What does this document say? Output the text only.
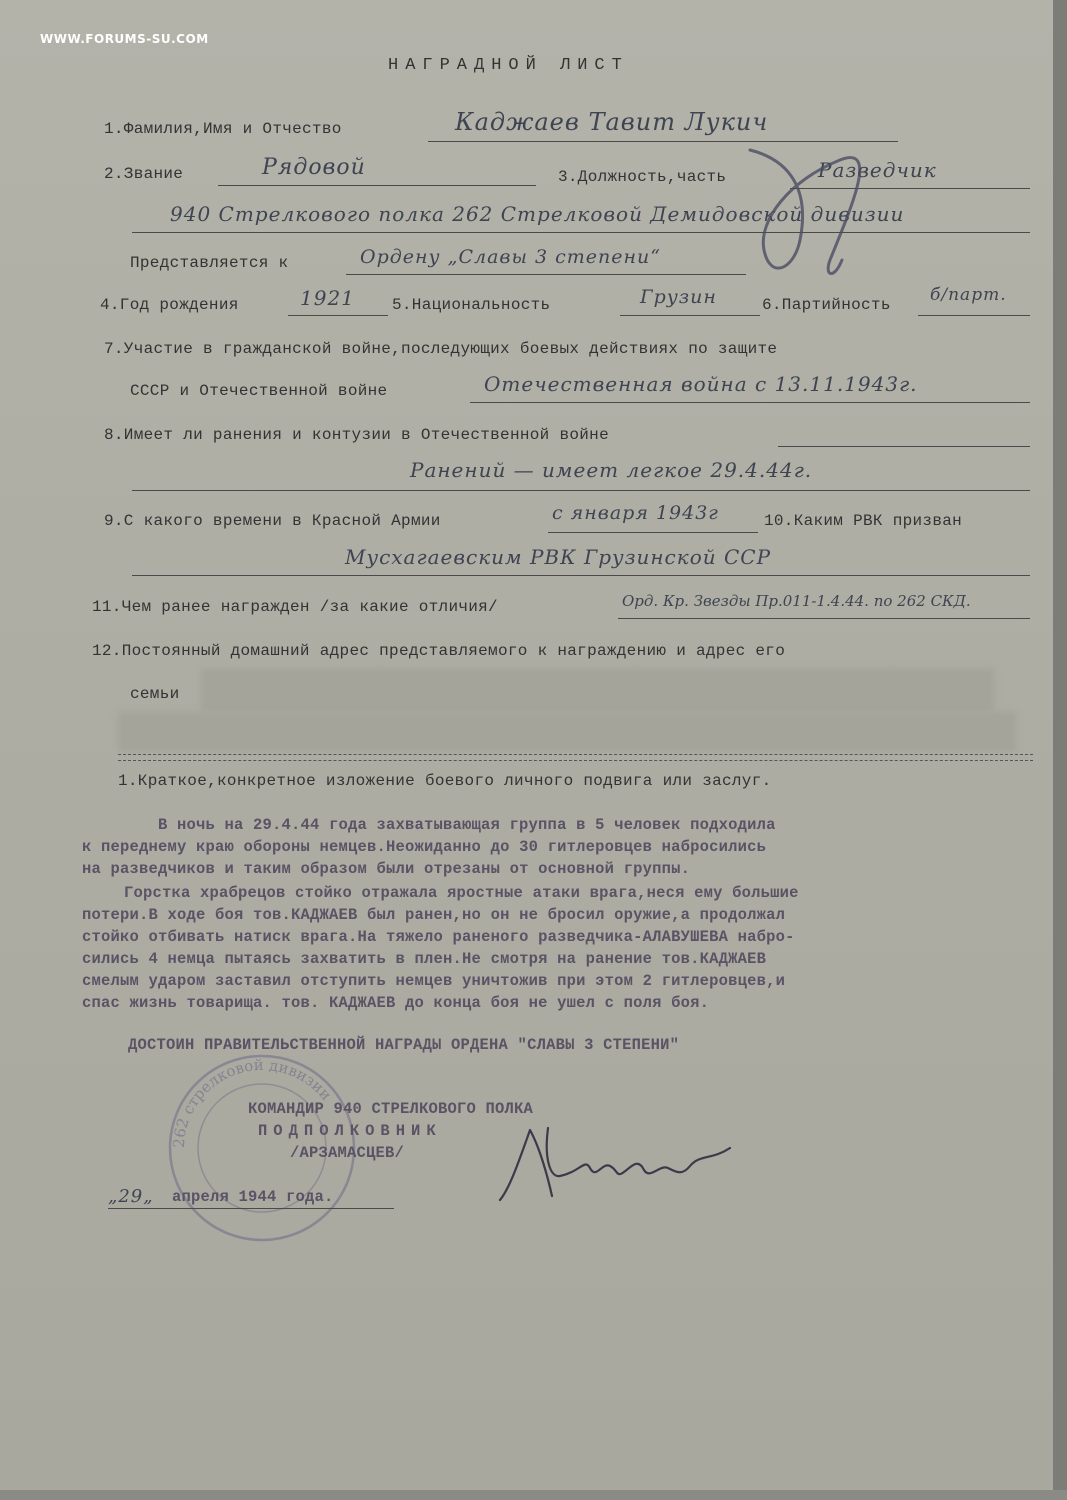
WWW.FORUMS-SU.COM
НАГРАДНОЙ ЛИСТ
1.Фамилия,Имя и Отчество	Каджаев Тавит Лукич
2.Звание	Рядовой	3.Должность,часть	Разведчик
940 Стрелкового полка 262 Стрелковой Демидовской дивизии
Представляется к	Ордену „Славы 3 степени“
4.Год рождения	1921 5.Национальность	Грузин	6.Партийность б/парт.
7.Участие в гражданской войне,последующих боевых действиях по защите
СССР и Отечественной войне	Отечественная война с 13.11.1943г.
8.Имеет ли ранения и контузии в Отечественной войне
Ранений — имеет легкое 29.4.44г.
9.С какого времени в Красной Армии	с января 1943г	10.Каким РВК призван
Мусхагаевским РВК Грузинской ССР
11.Чем ранее награжден /за какие отличия/	Орд. Кр. Звезды Пр.011-1.4.44. по 262 СКД.
12.Постоянный домашний адрес представляемого к награждению и адрес его
семьи
1.Краткое,конкретное изложение боевого личного подвига или заслуг.
В ночь на 29.4.44 года захватывающая группа в 5 человек подходила
к переднему краю обороны немцев.Неожиданно до 30 гитлеровцев набросились
на разведчиков и таким образом были отрезаны от основной группы.
Горстка храбрецов стойко отражала яростные атаки врага,неся ему большие
потери.В ходе боя тов.КАДЖАЕВ был ранен,но он не бросил оружие,а продолжал
стойко отбивать натиск врага.На тяжело раненого разведчика-АЛАВУШЕВА набро-
сились 4 немца пытаясь захватить в плен.Не смотря на ранение тов.КАДЖАЕВ
смелым ударом заставил отступить немцев уничтожив при этом 2 гитлеровцев,и
спас жизнь товарища. тов. КАДЖАЕВ до конца боя не ушел с поля боя.
ДОСТОИН ПРАВИТЕЛЬСТВЕННОЙ НАГРАДЫ ОРДЕНА "СЛАВЫ 3 СТЕПЕНИ"
262 стрелковой дивизии
КОМАНДИР 940 СТРЕЛКОВОГО ПОЛКА
ПОДПОЛКОВНИК
/АРЗАМАСЦЕВ/
„29„ апреля 1944 года.
